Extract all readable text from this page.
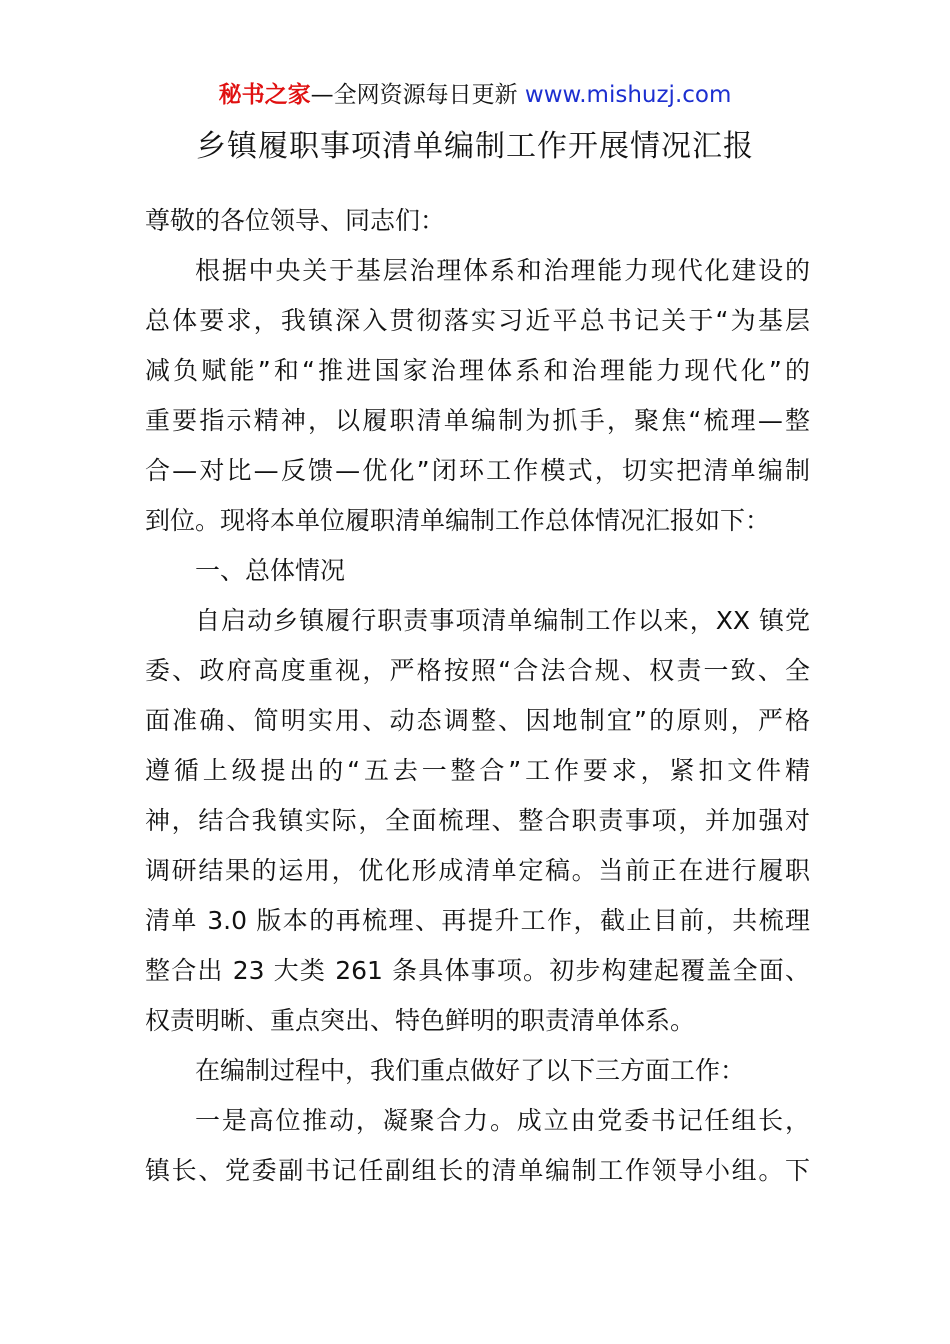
秘书之家—全网资源每日更新 www.mishuzj.com
乡镇履职事项清单编制工作开展情况汇报
尊敬的各位领导、同志们：
根据中央关于基层治理体系和治理能力现代化建设的
总体要求，我镇深入贯彻落实习近平总书记关于“为基层
减负赋能”和“推进国家治理体系和治理能力现代化”的
重要指示精神，以履职清单编制为抓手，聚焦“梳理—整
合—对比—反馈—优化”闭环工作模式，切实把清单编制
到位。现将本单位履职清单编制工作总体情况汇报如下：
一、总体情况
自启动乡镇履行职责事项清单编制工作以来，XX 镇党
委、政府高度重视，严格按照“合法合规、权责一致、全
面准确、简明实用、动态调整、因地制宜”的原则，严格
遵循上级提出的“五去一整合”工作要求，紧扣文件精
神，结合我镇实际，全面梳理、整合职责事项，并加强对
调研结果的运用，优化形成清单定稿。当前正在进行履职
清单 3.0 版本的再梳理、再提升工作，截止目前，共梳理
整合出 23 大类 261 条具体事项。初步构建起覆盖全面、
权责明晰、重点突出、特色鲜明的职责清单体系。
在编制过程中，我们重点做好了以下三方面工作：
一是高位推动，凝聚合力。成立由党委书记任组长，
镇长、党委副书记任副组长的清单编制工作领导小组。下
